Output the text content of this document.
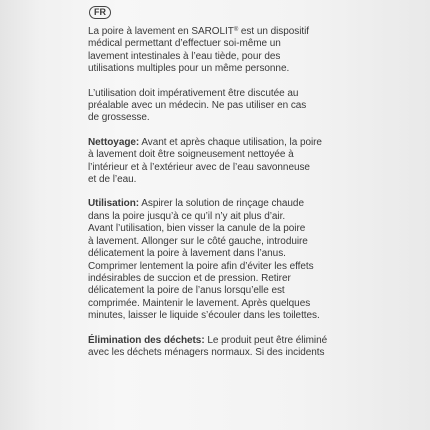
FR
La poire à lavement en SAROLIT® est un dispositif
médical permettant d’effectuer soi-même un
lavement intestinales à l’eau tiède, pour des
utilisations multiples pour un même personne.
L’utilisation doit impérativement être discutée au
préalable avec un médecin. Ne pas utiliser en cas
de grossesse.
Nettoyage: Avant et après chaque utilisation, la poire
à lavement doit être soigneusement nettoyée à
l’intérieur et à l’extérieur avec de l’eau savonneuse
et de l’eau.
Utilisation: Aspirer la solution de rinçage chaude
dans la poire jusqu’à ce qu’il n’y ait plus d’air.
Avant l’utilisation, bien visser la canule de la poire
à lavement. Allonger sur le côté gauche, introduire
délicatement la poire à lavement dans l’anus.
Comprimer lentement la poire afin d’éviter les effets
indésirables de succion et de pression. Retirer
délicatement la poire de l’anus lorsqu’elle est
comprimée. Maintenir le lavement. Après quelques
minutes, laisser le liquide s’écouler dans les toilettes.
Élimination des déchets: Le produit peut être éliminé
avec les déchets ménagers normaux. Si des incidents
